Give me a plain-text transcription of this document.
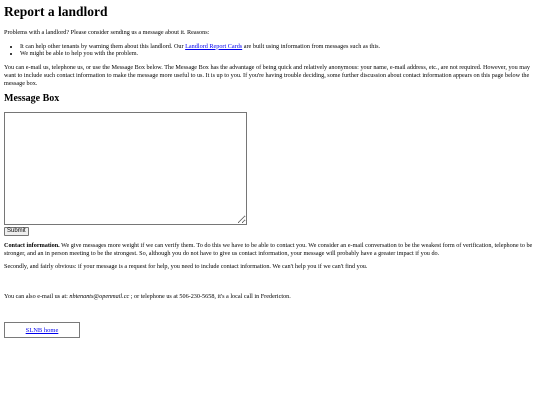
Report a landlord

Problems with a landlord? Please consider sending us a message about it. Reasons:

• It can help other tenants by warning them about this landlord. Our Landlord Report Cards are built using information from messages such as this.
• We might be able to help you with the problem.

You can e-mail us, telephone us, or use the Message Box below. The Message Box has the advantage of being quick and relatively anonymous: your name, e-mail address, etc., are not required. However, you may want to include such contact information to make the message more useful to us. It is up to you. If you're having trouble deciding, some further discussion about contact information appears on this page below the message box.

Message Box
Submit

Contact information. We give messages more weight if we can verify them. To do this we have to be able to contact you. We consider an e-mail conversation to be the weakest form of verification, telephone to be stronger, and an in person meeting to be the strongest. So, although you do not have to give us contact information, your message will probably have a greater impact if you do.

Secondly, and fairly obvious: if your message is a request for help, you need to include contact information. We can't help you if we can't find you.

You can also e-mail us at: nbtenants@openmail.cc ; or telephone us at 506-230-5658, it's a local call in Fredericton.

SLNB home
